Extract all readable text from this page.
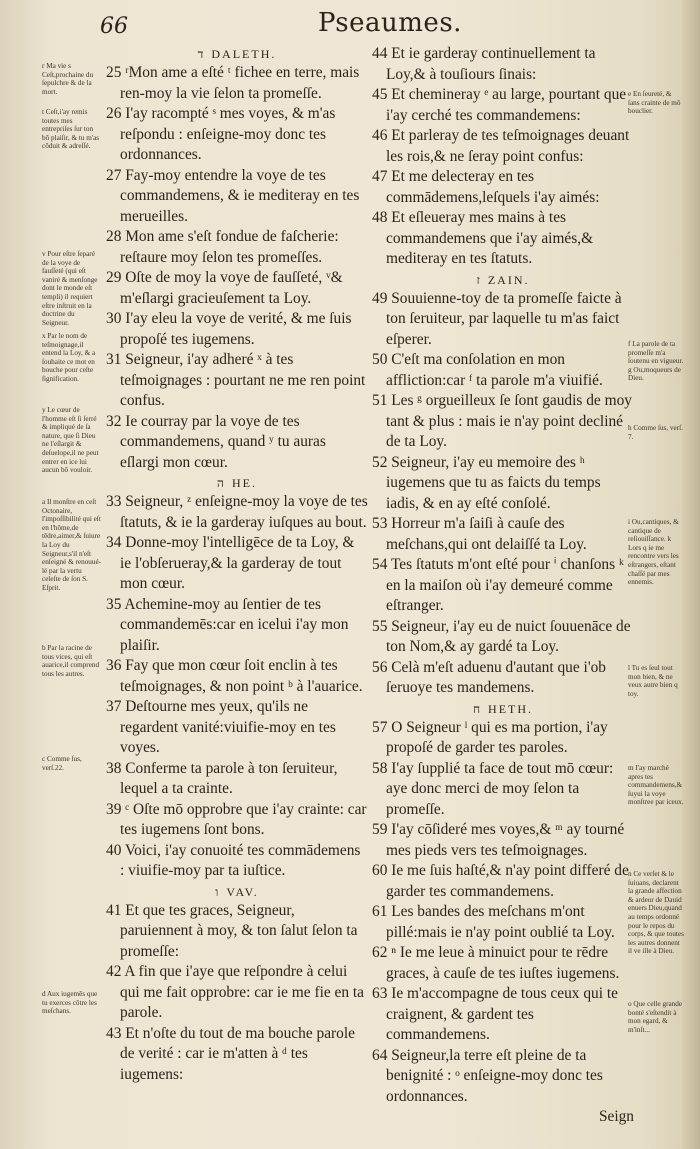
66	Pseaumes.
ד DALETH.
25 ʳMon ame a eſté ᵗ fichee en terre, mais ren-moy la vie ſelon ta promeſſe.
26 I'ay racompté ˢ mes voyes, & m'as reſpondu : enſeigne-moy donc tes ordonnances.
27 Fay-moy entendre la voye de tes commandemens, & ie mediteray en tes merueilles.
28 Mon ame s'eſt fondue de faſcherie: reſtaure moy ſelon tes promeſſes.
29 Oſte de moy la voye de fauſſeté, ᵛ& m'eſlargi gracieuſement ta Loy.
30 I'ay eleu la voye de verité, & me ſuis propoſé tes iugemens.
31 Seigneur, i'ay adheré ˣ à tes teſmoignages : pourtant ne me ren point confus.
32 Ie courray par la voye de tes commandemens, quand ʸ tu auras eſlargi mon cœur.
ה HE.
33 Seigneur, ᶻ enſeigne-moy la voye de tes ſtatuts, & ie la garderay iuſques au bout.
34 Donne-moy l'intelligēce de ta Loy, & ie l'obſerueray,& la garderay de tout mon cœur.
35 Achemine-moy au ſentier de tes commandemēs:car en icelui i'ay mon plaiſir.
36 Fay que mon cœur ſoit enclin à tes teſmoignages, & non point ᵇ à l'auarice.
37 Deſtourne mes yeux, qu'ils ne regardent vanité:viuifie-moy en tes voyes.
38 Conferme ta parole à ton ſeruiteur, lequel a ta crainte.
39 ᶜ Oſte mō opprobre que i'ay crainte: car tes iugemens ſont bons.
40 Voici, i'ay conuoité tes commādemens : viuifie-moy par ta iuſtice.
ו VAV.
41 Et que tes graces, Seigneur, paruiennent à moy, & ton ſalut ſelon ta promeſſe:
42 A fin que i'aye que reſpondre à celui qui me fait opprobre: car ie me fie en ta parole.
43 Et n'oſte du tout de ma bouche parole de verité : car ie m'atten à ᵈ tes iugemens:
44 Et ie garderay continuellement ta Loy,& à touſiours ſinais:
45 Et chemineray ᵉ au large, pourtant que i'ay cerché tes commandemens:
46 Et parleray de tes teſmoignages deuant les rois,& ne ſeray point confus:
47 Et me delecteray en tes commādemens,leſquels i'ay aimés:
48 Et eſleueray mes mains à tes commandemens que i'ay aimés,& mediteray en tes ſtatuts.
ז ZAIN.
49 Souuienne-toy de ta promeſſe faicte à ton ſeruiteur, par laquelle tu m'as faict eſperer.
50 C'eſt ma conſolation en mon affliction:car ᶠ ta parole m'a viuifié.
51 Les ᵍ orgueilleux ſe ſont gaudis de moy tant & plus : mais ie n'ay point decliné de ta Loy.
52 Seigneur, i'ay eu memoire des ʰ iugemens que tu as faicts du temps iadis, & en ay eſté conſolé.
53 Horreur m'a ſaiſi à cauſe des meſchans,qui ont delaiſſé ta Loy.
54 Tes ſtatuts m'ont eſté pour ⁱ chanſons ᵏ en la maiſon où i'ay demeuré comme eſtranger.
55 Seigneur, i'ay eu de nuict ſouuenāce de ton Nom,& ay gardé ta Loy.
56 Celà m'eſt aduenu d'autant que i'ob ſeruoye tes mandemens.
ח HETH.
57 O Seigneur ˡ qui es ma portion, i'ay propoſé de garder tes paroles.
58 I'ay ſupplié ta face de tout mō cœur: aye donc merci de moy ſelon ta promeſſe.
59 I'ay cōſideré mes voyes,& ᵐ ay tourné mes pieds vers tes teſmoignages.
60 Ie me ſuis haſté,& n'ay point differé de garder tes commandemens.
61 Les bandes des meſchans m'ont pillé:mais ie n'ay point oublié ta Loy.
62 ⁿ Ie me leue à minuict pour te rēdre graces, à cauſe de tes iuſtes iugemens.
63 Ie m'accompagne de tous ceux qui te craignent, & gardent tes commandemens.
64 Seigneur,la terre eſt pleine de ta benignité : ᵒ enſeigne-moy donc tes ordonnances.
Seign
r Ma vie s Ceſt,prochaine du ſepulchre & de la mort.
t Ceſt,i'ay remis toutes mes entrepriſes ſur ton bō plaiſir, & tu m'as cōduit & adreſſé.
v Pour eſtre ſeparé de la voye de fauſſeté (qui eſt vaniré & menſonge dont le monde eſt templi) il requiert eſtre inſtruit en la doctrine du Seigneur.
x Par le nom de teſmoignage,il entend la Loy, & a ſouhaite ce mot en bouche pour ceſte ſignification.
y Le cœur de l'homme eſt ſi ſerré & impliqué de ſa nature, que ſi Dieu ne l'eſlargit & deſuelope,il ne peut entrer en ice lui aucun bō vouloir.
a Il monſtre en ceſt Octonaire, l'impoſſibilité qui eſt en l'hōme,de tēdre,aimer,& ſuiure la Loy du Seigneur,s'il n'eſt enſeigné & renouué-lé par la vertu celeſte de ſon S. Eſprit.
b Par la racine de tous vices, qui eſt auarice,il comprend tous les autres.
c Comme ſus, verſ.22.
d Aux iugemēs que tu exerces cōtre les meſchans.
e En ſeureté, & ſans crainte de mō bouclier.
f La parole de ta promeſſe m'a ſoutenu en vigueur. g Ou,moqueurs de Dieu.
h Comme ſus, verſ. 7.
i Ou,cantiques, & cantique de reſiouiſſance. k Lors q ie me rencontre vers les eſtrangers, eſtant chaſſé par mes ennemis.
l Tu es ſeul tout mon bien, & ne veux autre bien q toy.
m I'ay marché apres tes commandemens,& ſuyui la voye monſtree par iceux.
n Ce verſet & le ſuiuans, declarent la grande affection & ardeur de Dauid enuers Dieu,quand au temps ordonné pour le repos du corps, & que toutes les autres donnent il ve ille à Dieu.
o Que celle grande bonté s'eſtendit à mon egard, & m'inſt...
